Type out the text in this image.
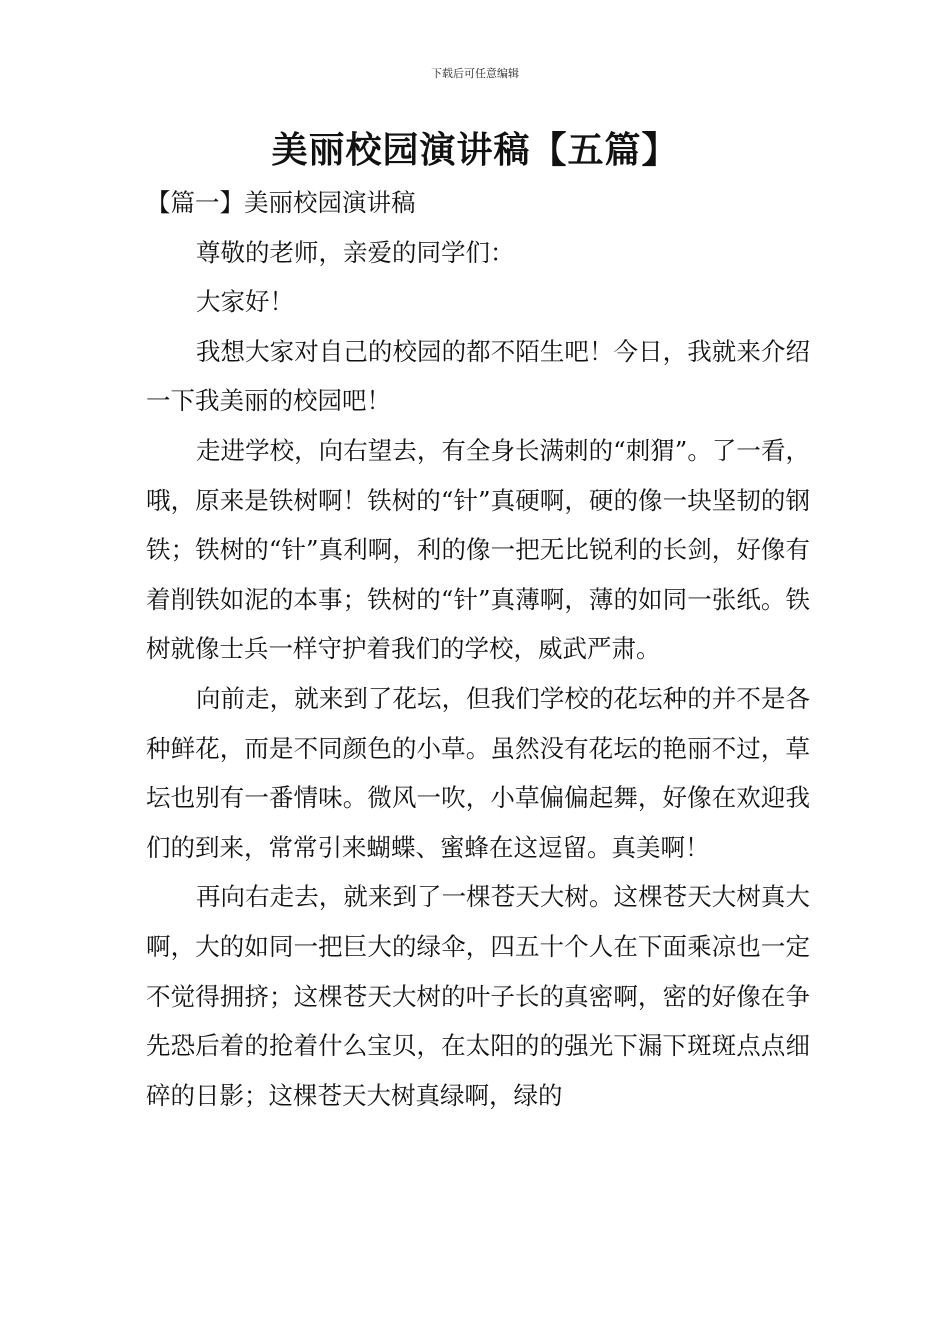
下载后可任意编辑
美丽校园演讲稿【五篇】

【篇一】美丽校园演讲稿

尊敬的老师，亲爱的同学们：

大家好！

我想大家对自己的校园的都不陌生吧！今日，我就来介绍一下我美丽的校园吧！

走进学校，向右望去，有全身长满刺的“刺猬”。了一看，哦，原来是铁树啊！铁树的“针”真硬啊，硬的像一块坚韧的钢铁；铁树的“针”真利啊，利的像一把无比锐利的长剑，好像有着削铁如泥的本事；铁树的“针”真薄啊，薄的如同一张纸。铁树就像士兵一样守护着我们的学校，威武严肃。

向前走，就来到了花坛，但我们学校的花坛种的并不是各种鲜花，而是不同颜色的小草。虽然没有花坛的艳丽不过，草坛也别有一番情味。微风一吹，小草偏偏起舞，好像在欢迎我们的到来，常常引来蝴蝶、蜜蜂在这逗留。真美啊！

再向右走去，就来到了一棵苍天大树。这棵苍天大树真大啊，大的如同一把巨大的绿伞，四五十个人在下面乘凉也一定不觉得拥挤；这棵苍天大树的叶子长的真密啊，密的好像在争先恐后着的抢着什么宝贝，在太阳的的强光下漏下斑斑点点细碎的日影；这棵苍天大树真绿啊，绿的
